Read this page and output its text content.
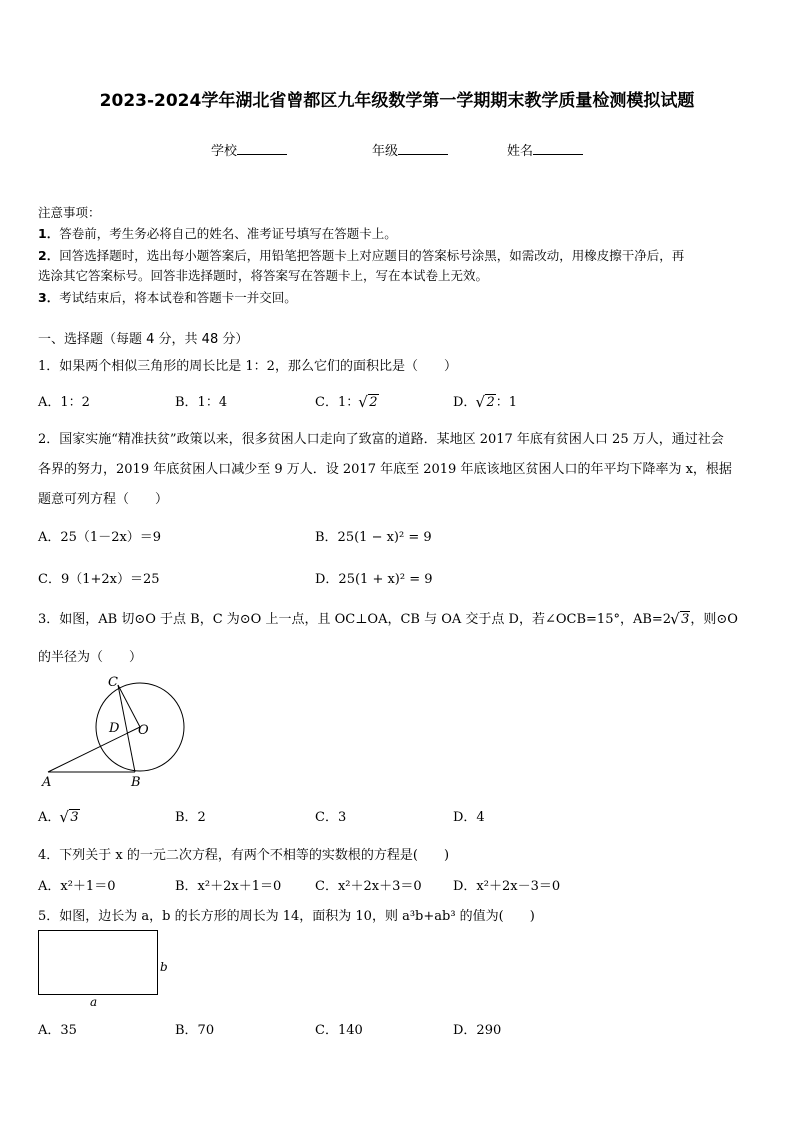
2023-2024学年湖北省曾都区九年级数学第一学期期末教学质量检测模拟试题
学校	年级	姓名
注意事项：
1．答卷前，考生务必将自己的姓名、准考证号填写在答题卡上。
2．回答选择题时，选出每小题答案后，用铅笔把答题卡上对应题目的答案标号涂黑，如需改动，用橡皮擦干净后，再
选涂其它答案标号。回答非选择题时，将答案写在答题卡上，写在本试卷上无效。
3．考试结束后，将本试卷和答题卡一并交回。
一、选择题（每题 4 分，共 48 分）
1．如果两个相似三角形的周长比是 1：2，那么它们的面积比是（　　）
A．1：2	B．1：4	C．1： √ 2	D． √ 2：1
2．国家实施“精准扶贫”政策以来，很多贫困人口走向了致富的道路．某地区 2017 年底有贫困人口 25 万人，通过社会
各界的努力，2019 年底贫困人口减少至 9 万人．设 2017 年底至 2019 年底该地区贫困人口的年平均下降率为 x，根据
题意可列方程（　　）
A．25（1－2x）＝9	B．25(1 − x)² = 9
C．9（1+2x）＝25	D．25(1 + x)² = 9
3．如图，AB 切⊙O 于点 B，C 为⊙O 上一点，且 OC⊥OA，CB 与 OA 交于点 D，若∠OCB=15°，AB=2 √ 3，则⊙O
的半径为（　　）
C
D O
A	B
A． √ 3	B．2	C．3	D．4
4．下列关于 x 的一元二次方程，有两个不相等的实数根的方程是(　　)
A．x²＋1＝0	B．x²＋2x＋1＝0	C．x²＋2x＋3＝0 D．x²＋2x－3＝0
5．如图，边长为 a，b 的长方形的周长为 14，面积为 10，则 a³b+ab³ 的值为(　　)
b
a
A．35	B．70	C．140	D．290
